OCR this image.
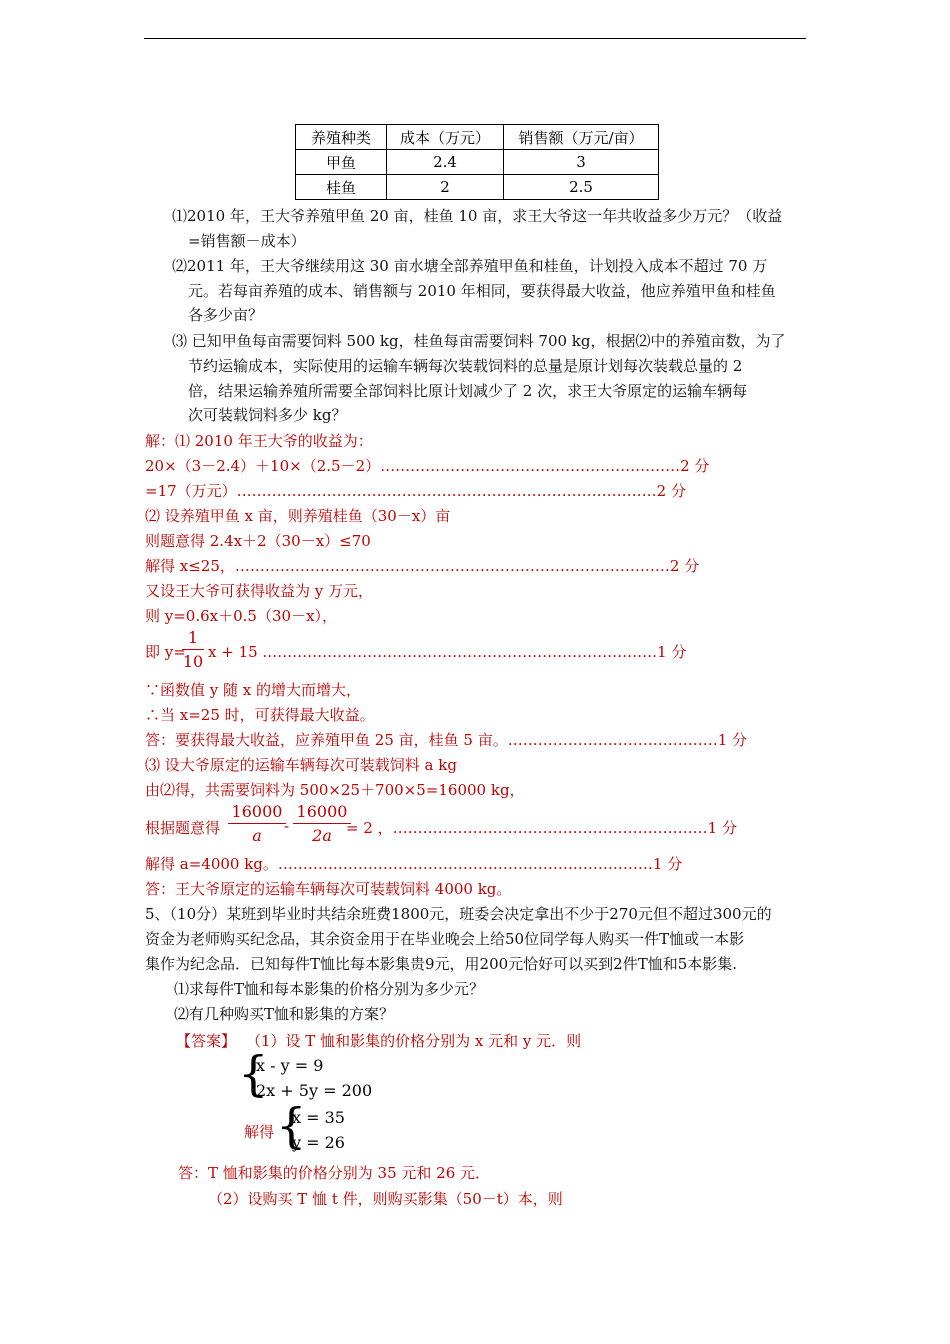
养殖种类	成本（万元）	销售额（万元/亩）
甲鱼	2.4	3
桂鱼	2	2.5
⑴2010 年，王大爷养殖甲鱼 20 亩，桂鱼 10 亩，求王大爷这一年共收益多少万元？（收益
=销售额－成本）
⑵2011 年，王大爷继续用这 30 亩水塘全部养殖甲鱼和桂鱼，计划投入成本不超过 70 万
元。若每亩养殖的成本、销售额与 2010 年相同，要获得最大收益，他应养殖甲鱼和桂鱼
各多少亩？
⑶ 已知甲鱼每亩需要饲料 500 kg，桂鱼每亩需要饲料 700 kg，根据⑵中的养殖亩数，为了
节约运输成本，实际使用的运输车辆每次装载饲料的总量是原计划每次装载总量的 2
倍，结果运输养殖所需要全部饲料比原计划减少了 2 次，求王大爷原定的运输车辆每
次可装载饲料多少 kg？
解：⑴ 2010 年王大爷的收益为：
20×（3－2.4）＋10×（2.5－2）……………………………………………………2 分
=17（万元）…………………………………………………………………………2 分
⑵ 设养殖甲鱼 x 亩，则养殖桂鱼（30－x）亩
则题意得 2.4x＋2（30－x）≤70
解得 x≤25，……………………………………………………………………………2 分
又设王大爷可获得收益为 y 万元，
则 y=0.6x＋0.5（30－x），
即 y=
1
10 x + 15 .……………………………………………………………………1 分
∵函数值 y 随 x 的增大而增大，
∴当 x=25 时，可获得最大收益。
答：要获得最大收益，应养殖甲鱼 25 亩，桂鱼 5 亩。……………………………………1 分
⑶ 设大爷原定的运输车辆每次可装载饲料 a kg
由⑵得，共需要饲料为 500×25＋700×5=16000 kg，
根据题意得
16000
a	-
16000
2a = 2 ，………………………………………………………1 分
解得 a=4000 kg。…………………………………………………………………1 分
答：王大爷原定的运输车辆每次可装载饲料 4000 kg。
5、（10分）某班到毕业时共结余班费1800元，班委会决定拿出不少于270元但不超过300元的
资金为老师购买纪念品，其余资金用于在毕业晚会上给50位同学每人购买一件T恤或一本影
集作为纪念品．已知每件T恤比每本影集贵9元，用200元恰好可以买到2件T恤和5本影集.
⑴求每件T恤和每本影集的价格分别为多少元？
⑵有几种购买T恤和影集的方案？
【答案】 （1）设 T 恤和影集的价格分别为 x 元和 y 元．则
{
x - y = 9
2x + 5y = 200
解得 {
x = 35
y = 26
答：T 恤和影集的价格分别为 35 元和 26 元．
（2）设购买 T 恤 t 件，则购买影集（50－t）本，则
